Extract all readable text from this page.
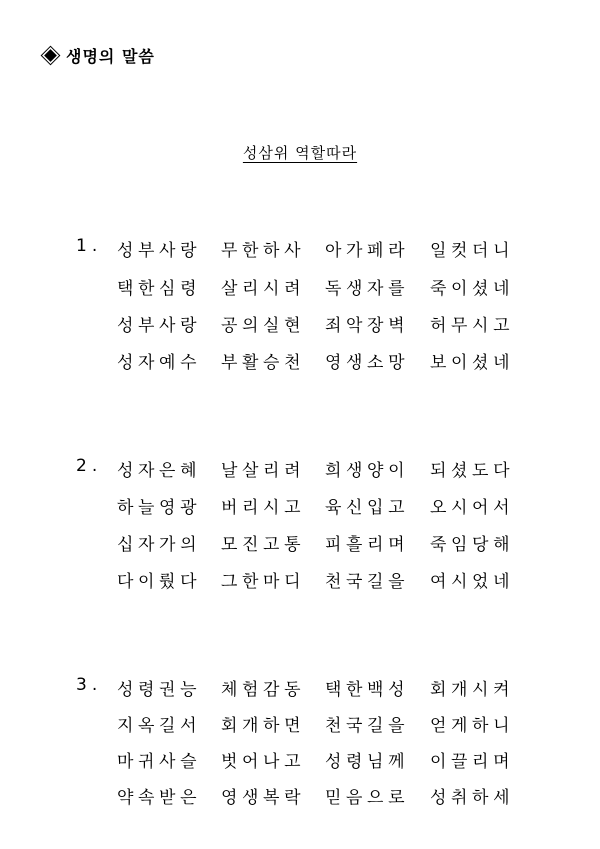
생명의 말씀
성삼위 역할따라
1. 성부사랑 무한하사 아가페라 일컷더니
택한심령 살리시려 독생자를 죽이셨네
성부사랑 공의실현 죄악장벽 허무시고
성자예수 부활승천 영생소망 보이셨네
2. 성자은혜 날살리려 희생양이 되셨도다
하늘영광 버리시고 육신입고 오시어서
십자가의 모진고통 피흘리며 죽임당해
다이뤘다 그한마디 천국길을 여시었네
3. 성령권능 체험감동 택한백성 회개시켜
지옥길서 회개하면 천국길을 얻게하니
마귀사슬 벗어나고 성령님께 이끌리며
약속받은 영생복락 믿음으로 성취하세
